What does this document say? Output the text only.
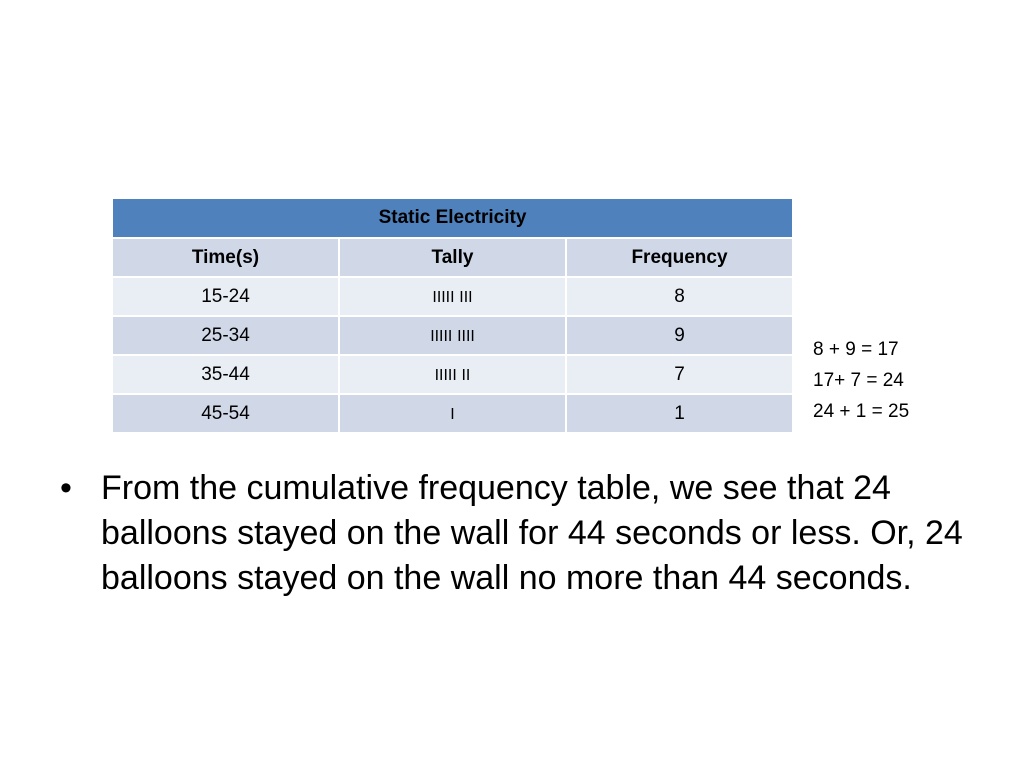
Static Electricity		
Time(s)	Tally	Frequency
15-24	IIIII III	8
25-34	IIIII IIII	9
35-44	IIIII II	7
45-54	I	1
8 + 9 = 17
17+ 7 = 24
24 + 1 = 25
• From the cumulative frequency table, we see that 24 balloons stayed on the wall for 44 seconds or less. Or, 24 balloons stayed on the wall no more than 44 seconds.
